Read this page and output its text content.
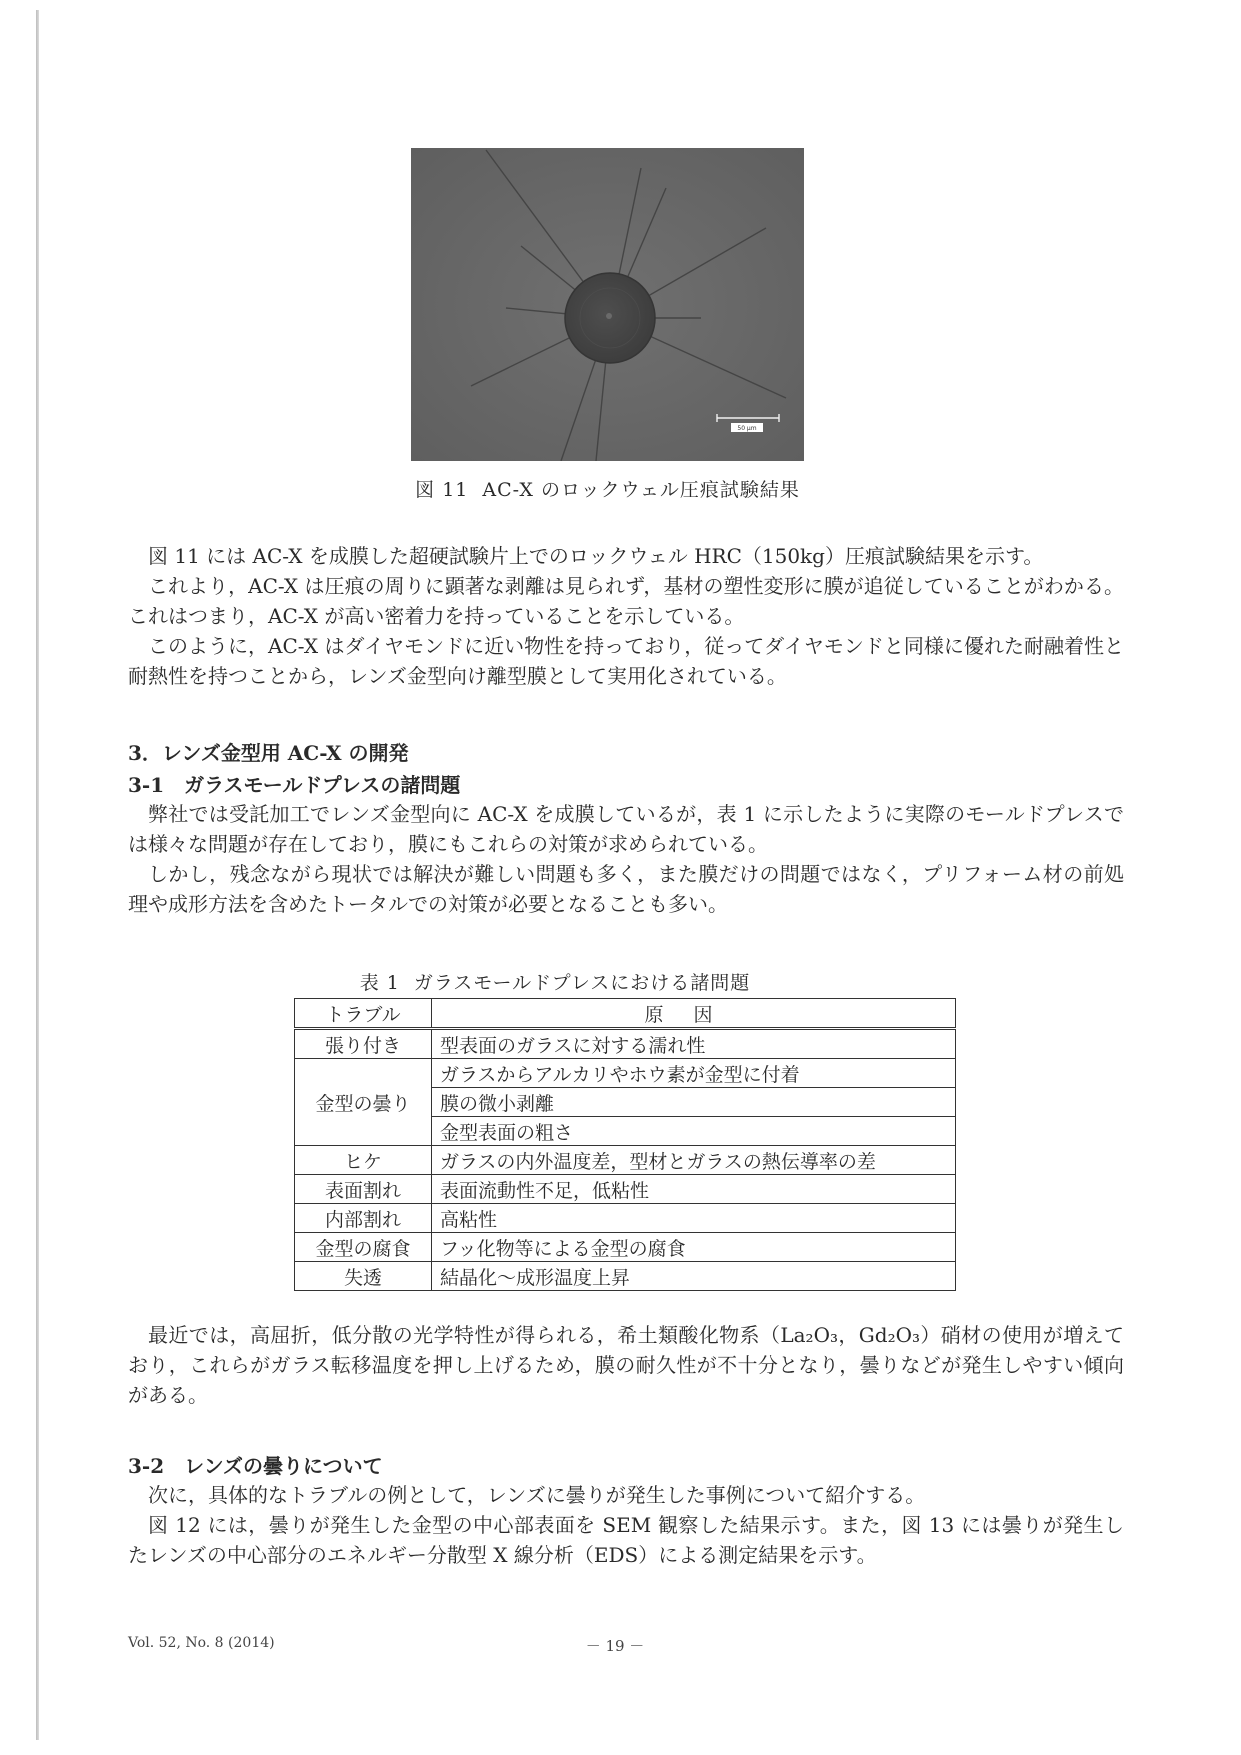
50 µm
図 11 AC-X のロックウェル圧痕試験結果

図 11 には AC-X を成膜した超硬試験片上でのロックウェル HRC（150kg）圧痕試験結果を示す。

これより，AC-X は圧痕の周りに顕著な剥離は見られず，基材の塑性変形に膜が追従していることがわかる。これはつまり，AC-X が高い密着力を持っていることを示している。

このように，AC-X はダイヤモンドに近い物性を持っており，従ってダイヤモンドと同様に優れた耐融着性と耐熱性を持つことから，レンズ金型向け離型膜として実用化されている。

3．レンズ金型用 AC-X の開発
3-1　ガラスモールドプレスの諸問題

弊社では受託加工でレンズ金型向に AC-X を成膜しているが，表 1 に示したように実際のモールドプレスでは様々な問題が存在しており，膜にもこれらの対策が求められている。

しかし，残念ながら現状では解決が難しい問題も多く，また膜だけの問題ではなく，プリフォーム材の前処理や成形方法を含めたトータルでの対策が必要となることも多い。

表 1 ガラスモールドプレスにおける諸問題
トラブル	原因
張り付き	型表面のガラスに対する濡れ性
金型の曇り	ガラスからアルカリやホウ素が金型に付着
	膜の微小剥離
	金型表面の粗さ
ヒケ	ガラスの内外温度差，型材とガラスの熱伝導率の差
表面割れ	表面流動性不足，低粘性
内部割れ	高粘性
金型の腐食	フッ化物等による金型の腐食
失透	結晶化～成形温度上昇

最近では，高屈折，低分散の光学特性が得られる，希土類酸化物系（La₂O₃，Gd₂O₃）硝材の使用が増えており，これらがガラス転移温度を押し上げるため，膜の耐久性が不十分となり，曇りなどが発生しやすい傾向がある。

3-2　レンズの曇りについて

次に，具体的なトラブルの例として，レンズに曇りが発生した事例について紹介する。

図 12 には，曇りが発生した金型の中心部表面を SEM 観察した結果示す。また，図 13 には曇りが発生したレンズの中心部分のエネルギー分散型 X 線分析（EDS）による測定結果を示す。

Vol. 52, No. 8 (2014)	－ 19 －
